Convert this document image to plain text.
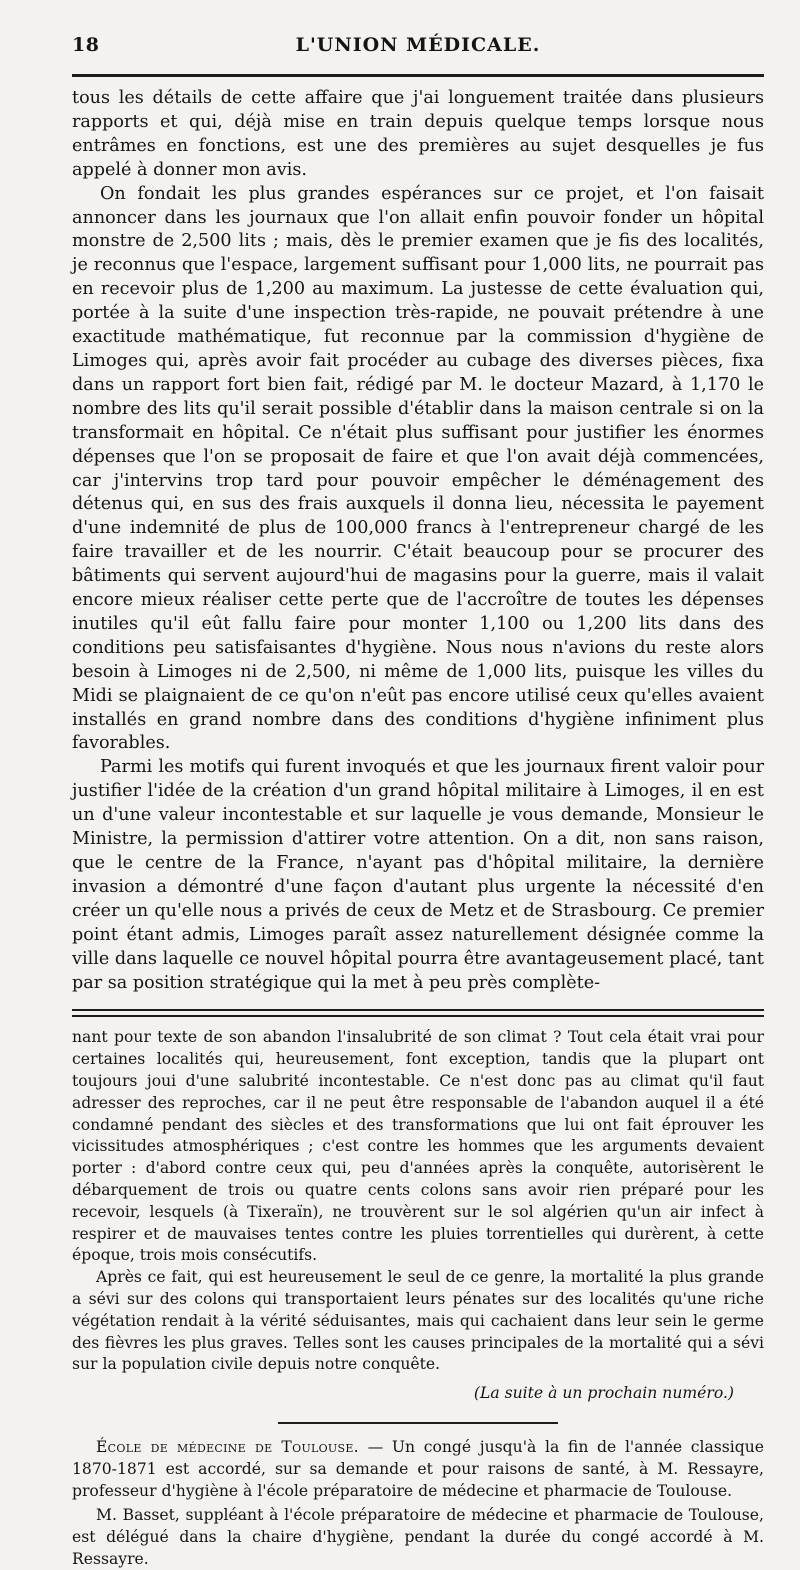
18	L'UNION MÉDICALE.

tous les détails de cette affaire que j'ai longuement traitée dans plusieurs rapports et qui, déjà mise en train depuis quelque temps lorsque nous entrâmes en fonctions, est une des premières au sujet desquelles je fus appelé à donner mon avis.

On fondait les plus grandes espérances sur ce projet, et l'on faisait annoncer dans les journaux que l'on allait enfin pouvoir fonder un hôpital monstre de 2,500 lits ; mais, dès le premier examen que je fis des localités, je reconnus que l'espace, largement suffisant pour 1,000 lits, ne pourrait pas en recevoir plus de 1,200 au maximum. La justesse de cette évaluation qui, portée à la suite d'une inspection très-rapide, ne pouvait prétendre à une exactitude mathématique, fut reconnue par la commission d'hygiène de Limoges qui, après avoir fait procéder au cubage des diverses pièces, fixa dans un rapport fort bien fait, rédigé par M. le docteur Mazard, à 1,170 le nombre des lits qu'il serait possible d'établir dans la maison centrale si on la transformait en hôpital. Ce n'était plus suffisant pour justifier les énormes dépenses que l'on se proposait de faire et que l'on avait déjà commencées, car j'intervins trop tard pour pouvoir empêcher le déménagement des détenus qui, en sus des frais auxquels il donna lieu, nécessita le payement d'une indemnité de plus de 100,000 francs à l'entrepreneur chargé de les faire travailler et de les nourrir. C'était beaucoup pour se procurer des bâtiments qui servent aujourd'hui de magasins pour la guerre, mais il valait encore mieux réaliser cette perte que de l'accroître de toutes les dépenses inutiles qu'il eût fallu faire pour monter 1,100 ou 1,200 lits dans des conditions peu satisfaisantes d'hygiène. Nous nous n'avions du reste alors besoin à Limoges ni de 2,500, ni même de 1,000 lits, puisque les villes du Midi se plaignaient de ce qu'on n'eût pas encore utilisé ceux qu'elles avaient installés en grand nombre dans des conditions d'hygiène infiniment plus favorables.

Parmi les motifs qui furent invoqués et que les journaux firent valoir pour justifier l'idée de la création d'un grand hôpital militaire à Limoges, il en est un d'une valeur incontestable et sur laquelle je vous demande, Monsieur le Ministre, la permission d'attirer votre attention. On a dit, non sans raison, que le centre de la France, n'ayant pas d'hôpital militaire, la dernière invasion a démontré d'une façon d'autant plus urgente la nécessité d'en créer un qu'elle nous a privés de ceux de Metz et de Strasbourg. Ce premier point étant admis, Limoges paraît assez naturellement désignée comme la ville dans laquelle ce nouvel hôpital pourra être avantageusement placé, tant par sa position stratégique qui la met à peu près complète-

nant pour texte de son abandon l'insalubrité de son climat ? Tout cela était vrai pour certaines localités qui, heureusement, font exception, tandis que la plupart ont toujours joui d'une salubrité incontestable. Ce n'est donc pas au climat qu'il faut adresser des reproches, car il ne peut être responsable de l'abandon auquel il a été condamné pendant des siècles et des transformations que lui ont fait éprouver les vicissitudes atmosphériques ; c'est contre les hommes que les arguments devaient porter : d'abord contre ceux qui, peu d'années après la conquête, autorisèrent le débarquement de trois ou quatre cents colons sans avoir rien préparé pour les recevoir, lesquels (à Tixeraïn), ne trouvèrent sur le sol algérien qu'un air infect à respirer et de mauvaises tentes contre les pluies torrentielles qui durèrent, à cette époque, trois mois consécutifs.

Après ce fait, qui est heureusement le seul de ce genre, la mortalité la plus grande a sévi sur des colons qui transportaient leurs pénates sur des localités qu'une riche végétation rendait à la vérité séduisantes, mais qui cachaient dans leur sein le germe des fièvres les plus graves. Telles sont les causes principales de la mortalité qui a sévi sur la population civile depuis notre conquête.

(La suite à un prochain numéro.)

École de médecine de Toulouse. — Un congé jusqu'à la fin de l'année classique 1870-1871 est accordé, sur sa demande et pour raisons de santé, à M. Ressayre, professeur d'hygiène à l'école préparatoire de médecine et pharmacie de Toulouse.

M. Basset, suppléant à l'école préparatoire de médecine et pharmacie de Toulouse, est délégué dans la chaire d'hygiène, pendant la durée du congé accordé à M. Ressayre.
